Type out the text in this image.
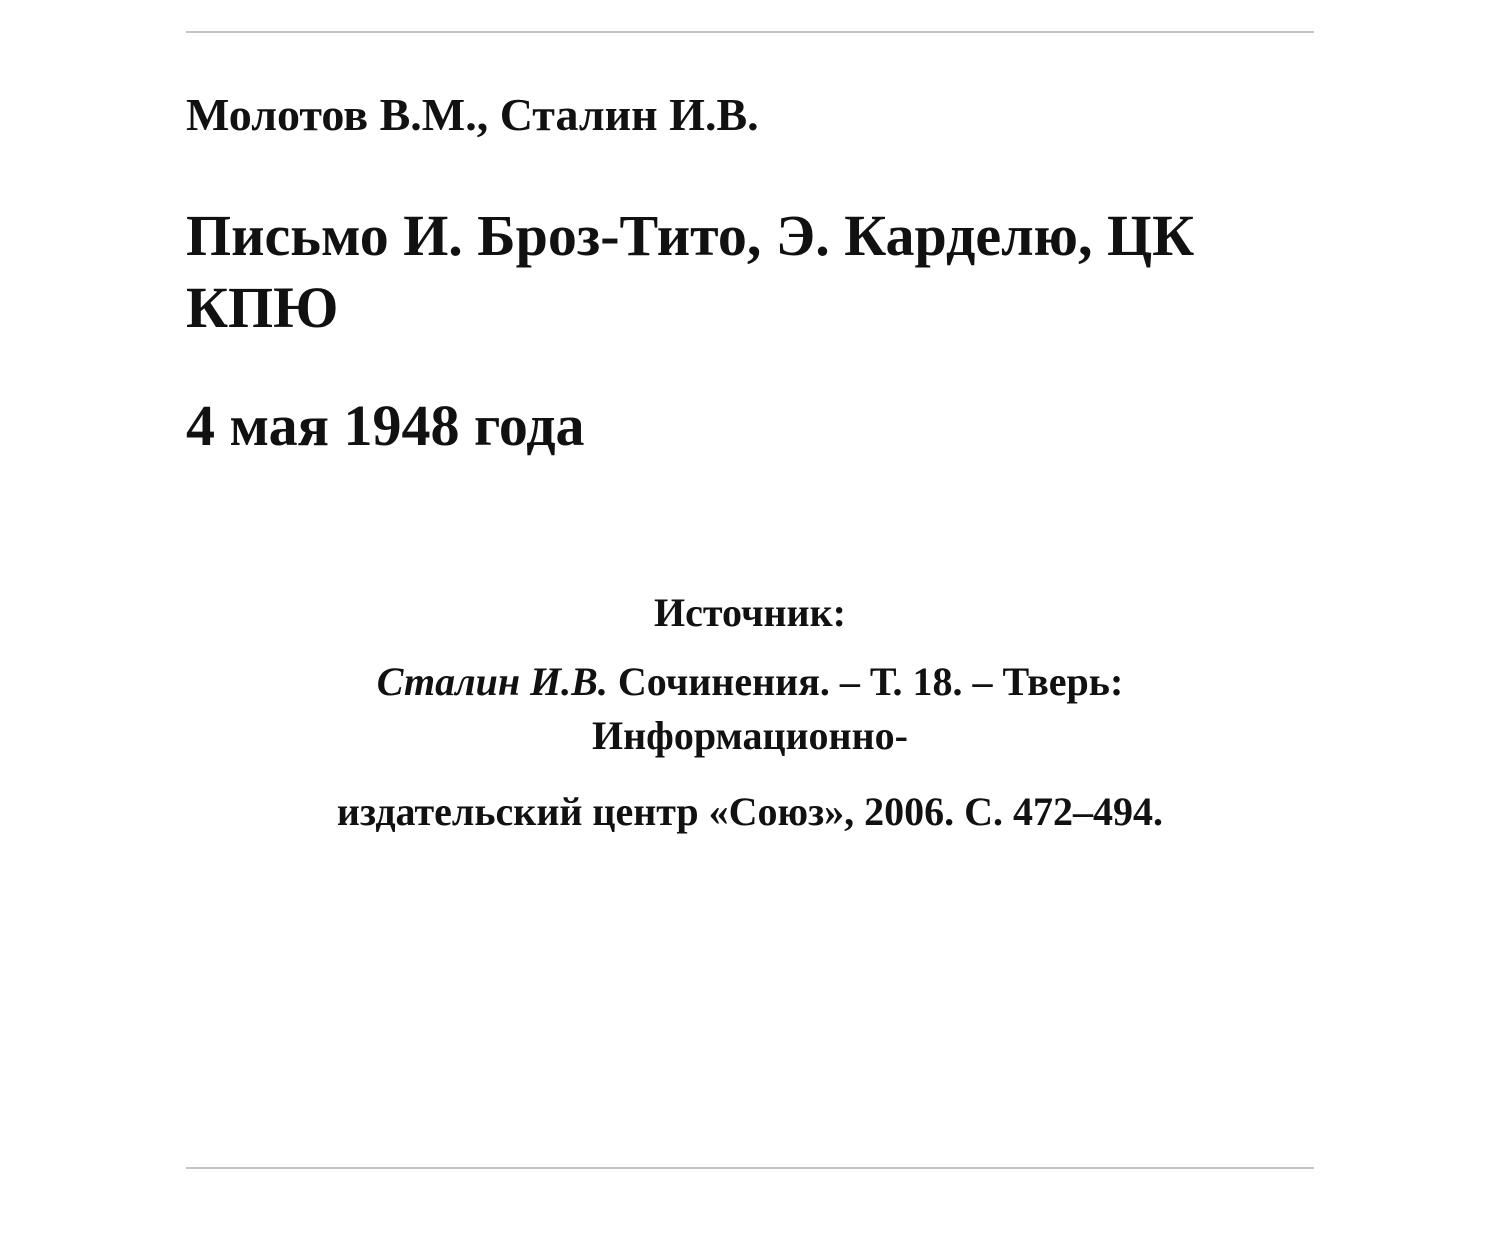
Молотов В.М., Сталин И.В.
Письмо И. Броз-Тито, Э. Карделю, ЦК КПЮ
4 мая 1948 года

Источник:

Сталин И.В. Сочинения. – Т. 18. – Тверь: Информационно-

издательский центр «Союз», 2006. С. 472–494.
